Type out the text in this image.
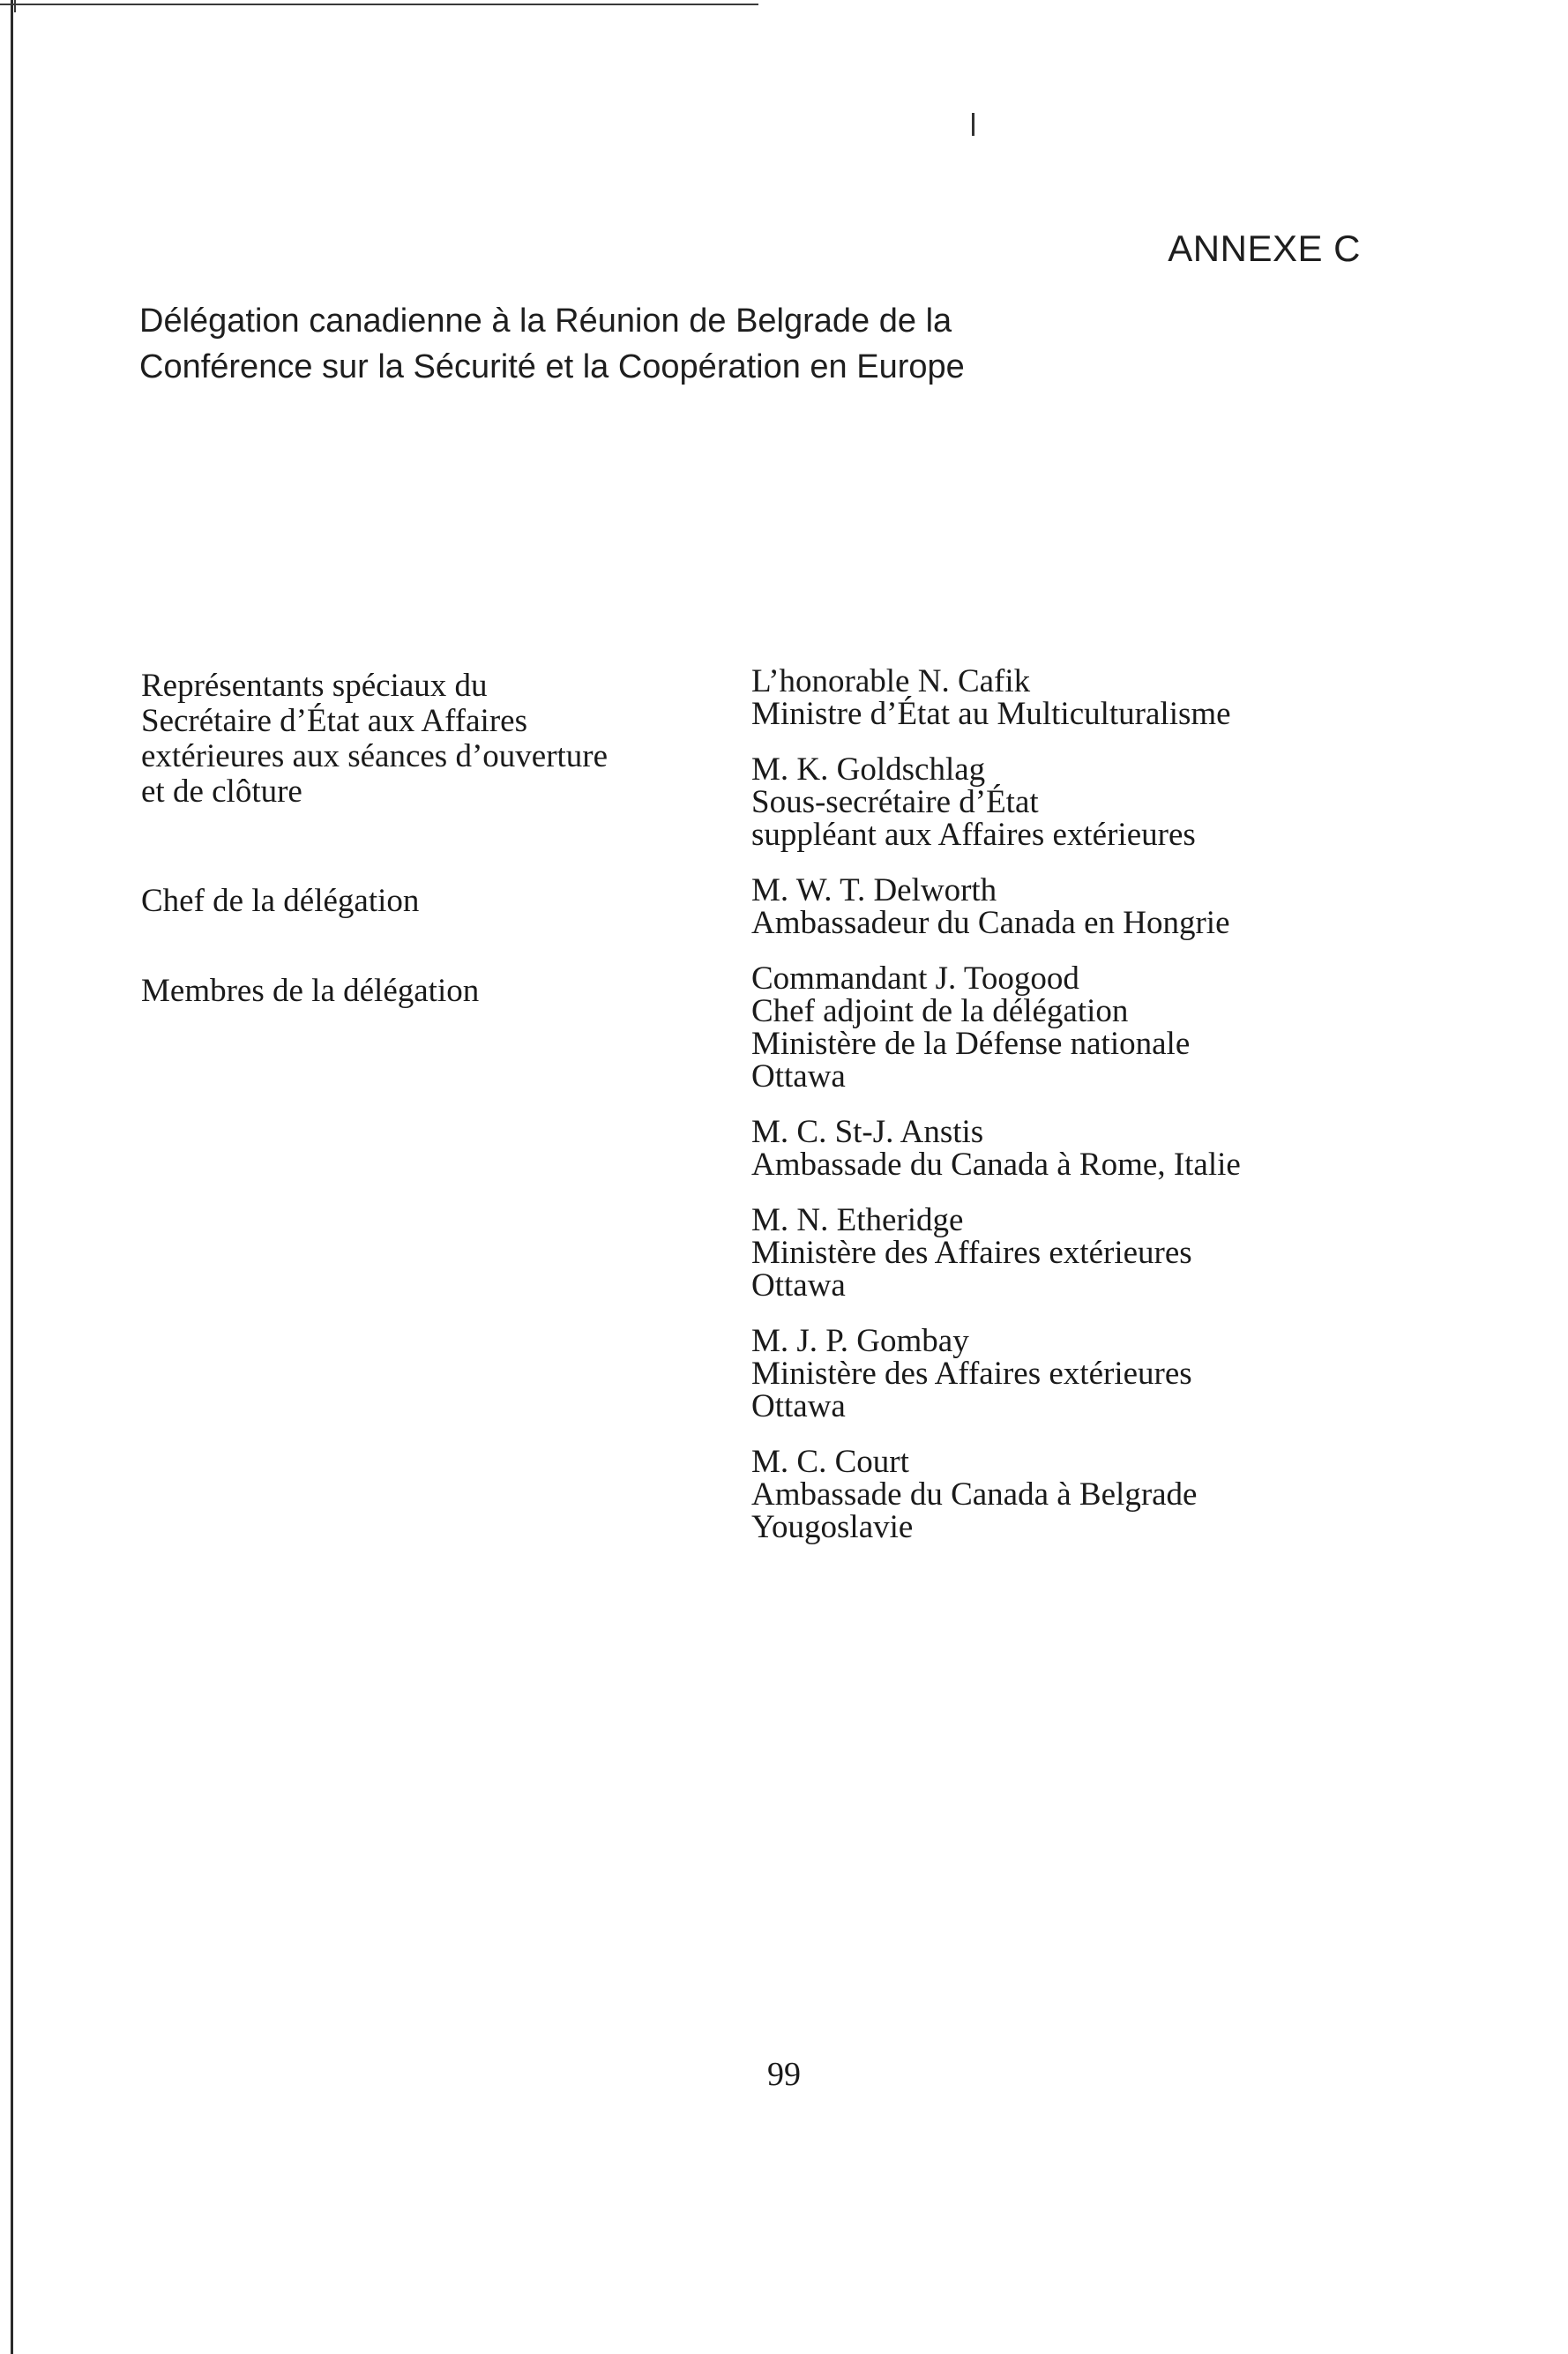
ANNEXE C
Délégation canadienne à la Réunion de Belgrade de la
Conférence sur la Sécurité et la Coopération en Europe
Représentants spéciaux du
Secrétaire d’État aux Affaires
extérieures aux séances d’ouverture
et de clôture
Chef de la délégation
Membres de la délégation
L’honorable N. Cafik
Ministre d’État au Multiculturalisme
M. K. Goldschlag
Sous-secrétaire d’État
suppléant aux Affaires extérieures
M. W. T. Delworth
Ambassadeur du Canada en Hongrie
Commandant J. Toogood
Chef adjoint de la délégation
Ministère de la Défense nationale
Ottawa
M. C. St-J. Anstis
Ambassade du Canada à Rome, Italie
M. N. Etheridge
Ministère des Affaires extérieures
Ottawa
M. J. P. Gombay
Ministère des Affaires extérieures
Ottawa
M. C. Court
Ambassade du Canada à Belgrade
Yougoslavie
99
